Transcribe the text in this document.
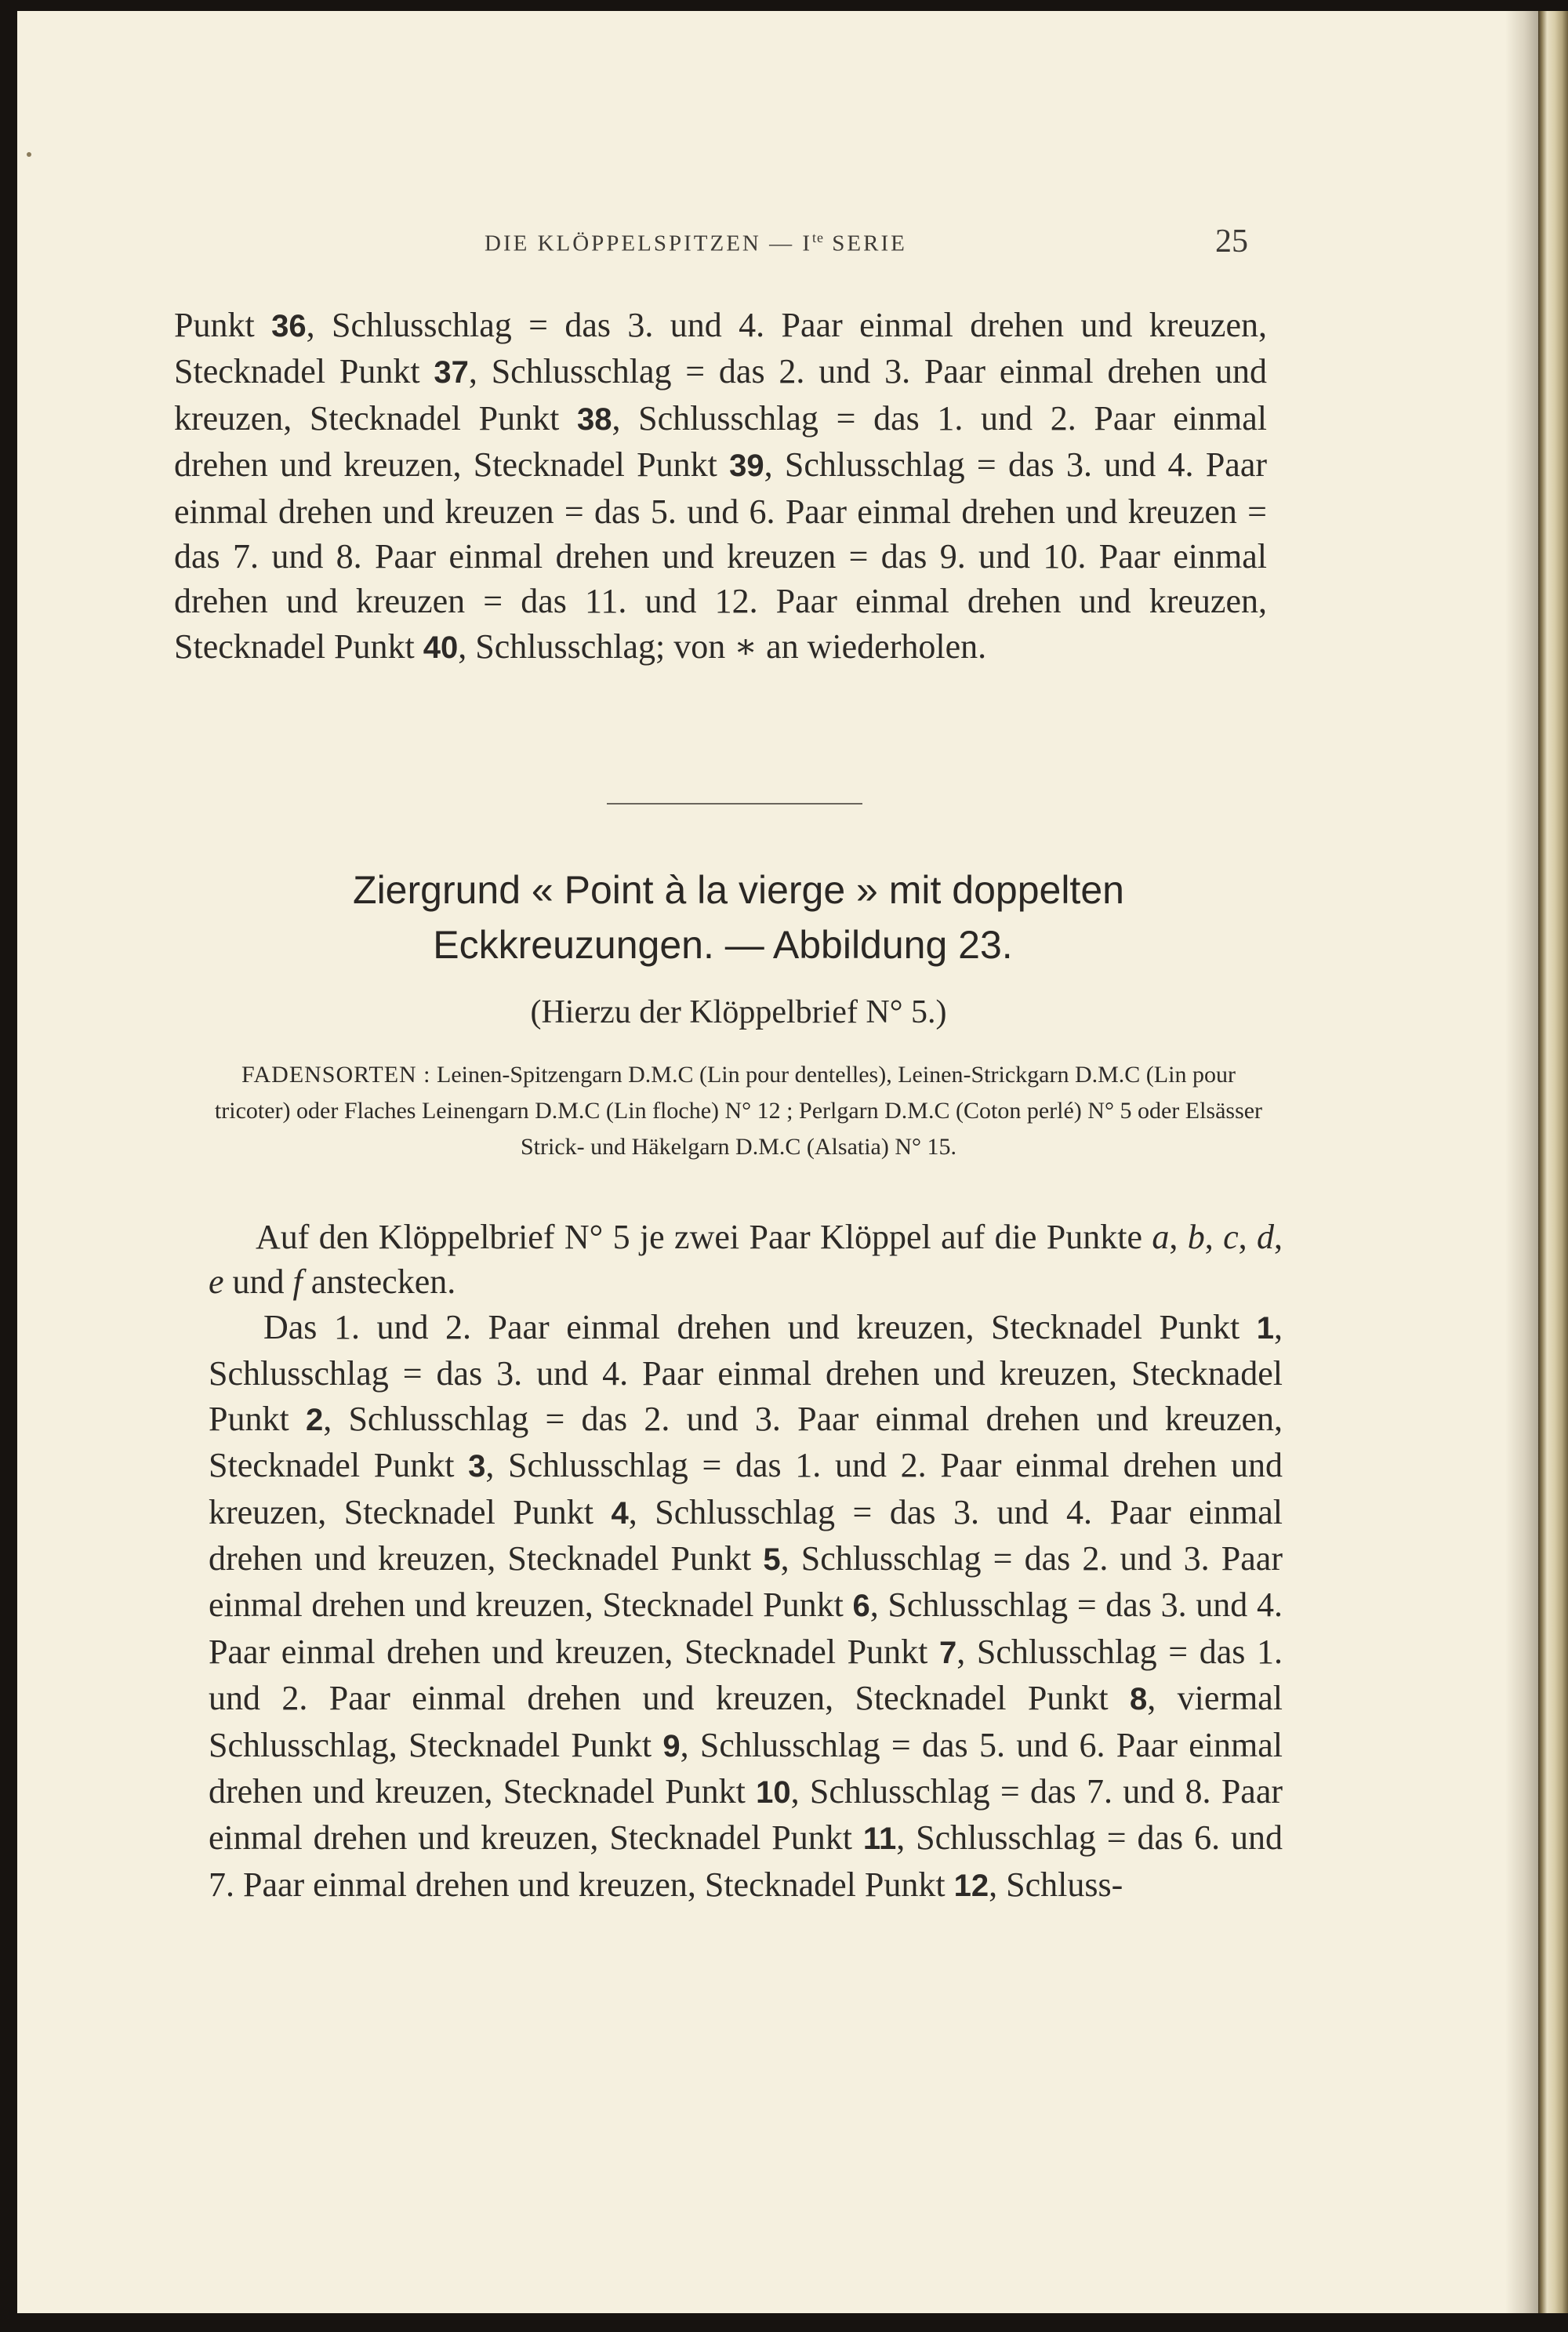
DIE KLÖPPELSPITZEN — $I^{te}$ SERIE	25

Punkt 36, Schlusschlag = das 3. und 4. Paar einmal drehen und kreuzen, Stecknadel Punkt 37, Schlusschlag = das 2. und 3. Paar einmal drehen und kreuzen, Stecknadel Punkt 38, Schlusschlag = das 1. und 2. Paar einmal drehen und kreuzen, Stecknadel Punkt 39, Schlusschlag = das 3. und 4. Paar einmal drehen und kreuzen = das 5. und 6. Paar einmal drehen und kreuzen = das 7. und 8. Paar einmal drehen und kreuzen = das 9. und 10. Paar einmal drehen und kreuzen = das 11. und 12. Paar einmal drehen und kreuzen, Stecknadel Punkt 40, Schlusschlag; von ∗ an wiederholen.

Ziergrund « Point à la vierge » mit doppelten
Eckkreuzungen. — Abbildung 23.
(Hierzu der Klöppelbrief N° 5.)
FADENSORTEN : Leinen-Spitzengarn D.M.C (Lin pour dentelles), Leinen-Strickgarn D.M.C (Lin pour tricoter) oder Flaches Leinengarn D.M.C (Lin floche) N° 12 ; Perlgarn D.M.C (Coton perlé) N° 5 oder Elsässer Strick- und Häkelgarn D.M.C (Alsatia) N° 15.

Auf den Klöppelbrief N° 5 je zwei Paar Klöppel auf die Punkte a, b, c, d, e und f anstecken.

Das 1. und 2. Paar einmal drehen und kreuzen, Stecknadel Punkt 1, Schlusschlag = das 3. und 4. Paar einmal drehen und kreuzen, Stecknadel Punkt 2, Schlusschlag = das 2. und 3. Paar einmal drehen und kreuzen, Stecknadel Punkt 3, Schlusschlag = das 1. und 2. Paar einmal drehen und kreuzen, Stecknadel Punkt 4, Schlusschlag = das 3. und 4. Paar einmal drehen und kreuzen, Stecknadel Punkt 5, Schlusschlag = das 2. und 3. Paar einmal drehen und kreuzen, Stecknadel Punkt 6, Schlusschlag = das 3. und 4. Paar einmal drehen und kreuzen, Stecknadel Punkt 7, Schlusschlag = das 1. und 2. Paar einmal drehen und kreuzen, Stecknadel Punkt 8, viermal Schlusschlag, Stecknadel Punkt 9, Schlusschlag = das 5. und 6. Paar einmal drehen und kreuzen, Stecknadel Punkt 10, Schlusschlag = das 7. und 8. Paar einmal drehen und kreuzen, Stecknadel Punkt 11, Schlusschlag = das 6. und 7. Paar einmal drehen und kreuzen, Stecknadel Punkt 12, Schluss-
